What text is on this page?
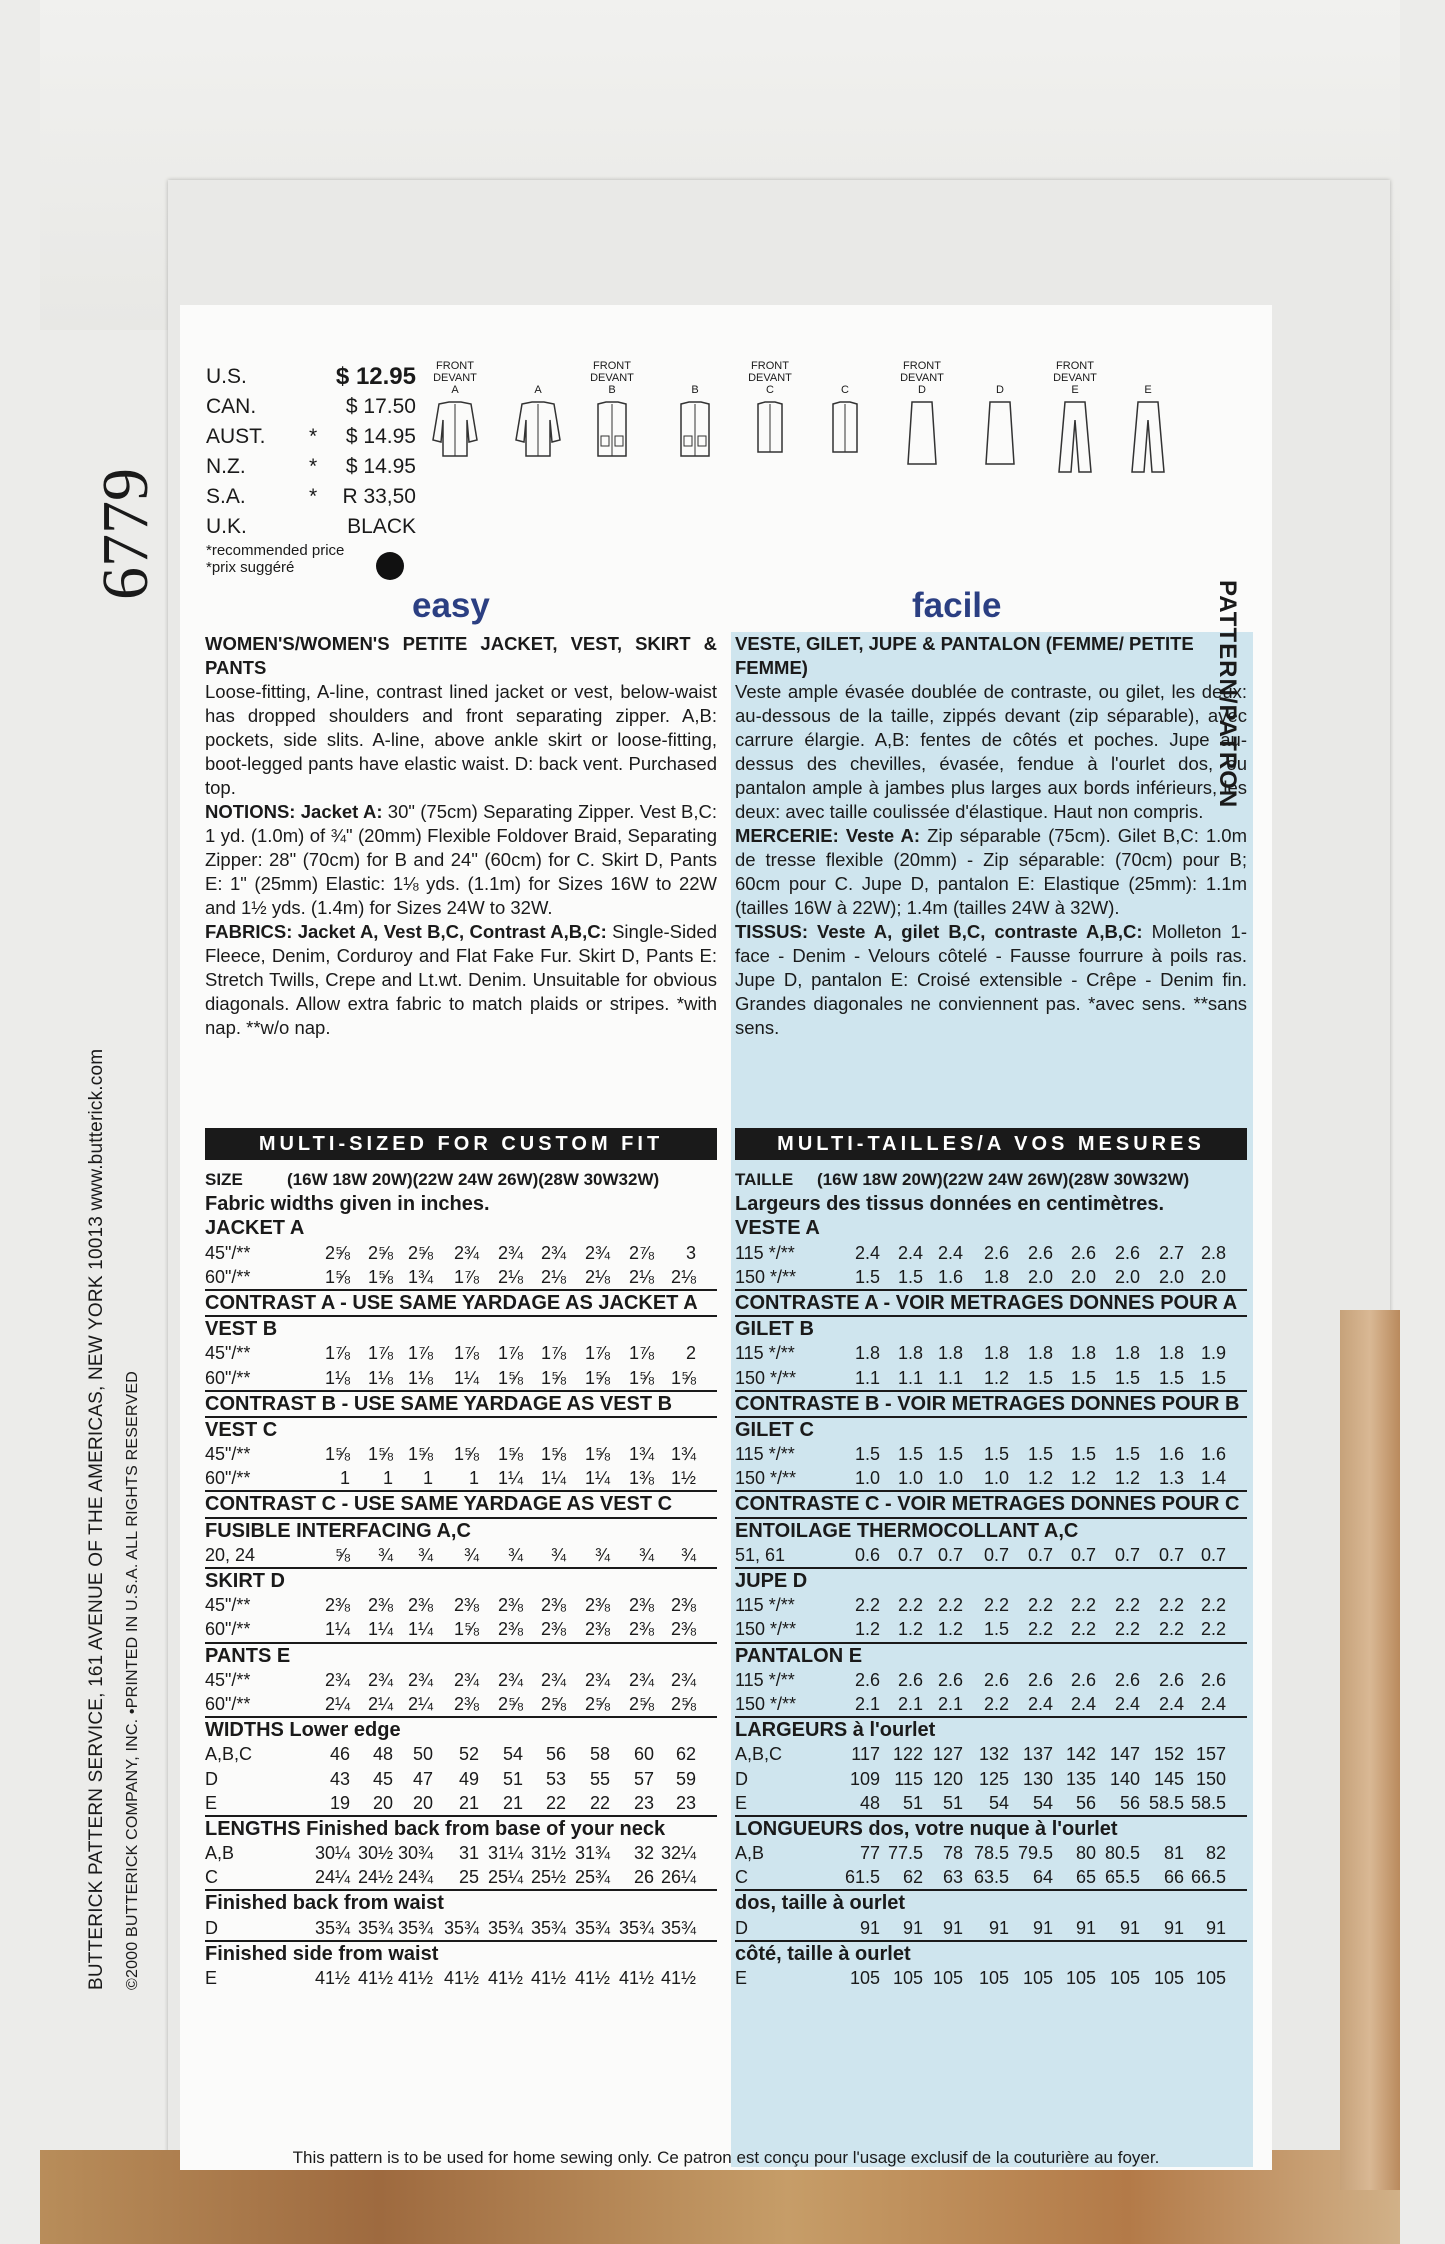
6779
BUTTERICK PATTERN SERVICE, 161 AVENUE OF THE AMERICAS, NEW YORK 10013 www.butterick.com ©2000 BUTTERICK COMPANY, INC. •PRINTED IN U.S.A. ALL RIGHTS RESERVED
PATTERN/PATRON
U.S.	$ 12.95
CAN.	$ 17.50
AUST. * $ 14.95
N.Z.	* $ 14.95
S.A.	* R 33,50
U.K.	BLACK
*recommended price
*prix suggéré
FRONT
DEVANT
A	A
FRONT
DEVANT
B	B
FRONT
DEVANT
C	C
FRONT
DEVANT
D	D
FRONT
DEVANT
E	E
easy	facile
WOMEN'S/WOMEN'S PETITE JACKET, VEST, SKIRT & PANTS
Loose-fitting, A-line, contrast lined jacket or vest, below-waist has dropped shoulders and front separating zipper. A,B: pockets, side slits. A-line, above ankle skirt or loose-fitting, boot-legged pants have elastic waist. D: back vent. Purchased top.
NOTIONS: Jacket A: 30" (75cm) Separating Zipper. Vest B,C: 1 yd. (1.0m) of ¾" (20mm) Flexible Foldover Braid, Separating Zipper: 28" (70cm) for B and 24" (60cm) for C. Skirt D, Pants E: 1" (25mm) Elastic: 1⅛ yds. (1.1m) for Sizes 16W to 22W and 1½ yds. (1.4m) for Sizes 24W to 32W.
FABRICS: Jacket A, Vest B,C, Contrast A,B,C: Single-Sided Fleece, Denim, Corduroy and Flat Fake Fur. Skirt D, Pants E: Stretch Twills, Crepe and Lt.wt. Denim. Unsuitable for obvious diagonals. Allow extra fabric to match plaids or stripes. *with nap. **w/o nap.
VESTE, GILET, JUPE & PANTALON (FEMME/ PETITE FEMME)
Veste ample évasée doublée de contraste, ou gilet, les deux: au-dessous de la taille, zippés devant (zip séparable), avec carrure élargie. A,B: fentes de côtés et poches. Jupe au-dessus des chevilles, évasée, fendue à l'ourlet dos, ou pantalon ample à jambes plus larges aux bords inférieurs, les deux: avec taille coulissée d'élastique. Haut non compris.
MERCERIE: Veste A: Zip séparable (75cm). Gilet B,C: 1.0m de tresse flexible (20mm) - Zip séparable: (70cm) pour B; 60cm pour C. Jupe D, pantalon E: Elastique (25mm): 1.1m (tailles 16W à 22W); 1.4m (tailles 24W à 32W).
TISSUS: Veste A, gilet B,C, contraste A,B,C: Molleton 1-face - Denim - Velours côtelé - Fausse fourrure à poils ras. Jupe D, pantalon E: Croisé extensible - Crêpe - Denim fin. Grandes diagonales ne conviennent pas. *avec sens. **sans sens.
MULTI-SIZED FOR CUSTOM FIT	MULTI-TAILLES/A VOS MESURES
SIZE	(16W 18W 20W)(22W 24W 26W)(28W 30W32W)
Fabric widths given in inches.
JACKET A
45"/**	2⅝ 2⅝ 2⅝	2¾	2¾ 2¾	2¾	2⅞	3
60"/**	1⅝ 1⅝ 1¾	1⅞	2⅛ 2⅛	2⅛	2⅛ 2⅛
CONTRAST A - USE SAME YARDAGE AS JACKET A
VEST B
45"/**	1⅞ 1⅞ 1⅞	1⅞	1⅞ 1⅞	1⅞	1⅞	2
60"/**	1⅛ 1⅛ 1⅛	1¼	1⅝ 1⅝	1⅝	1⅝ 1⅝
CONTRAST B - USE SAME YARDAGE AS VEST B
VEST C
45"/**	1⅝ 1⅝ 1⅝	1⅝	1⅝ 1⅝	1⅝	1¾ 1¾
60"/**	1	1	1	1	1¼ 1¼	1¼	1⅜ 1½
CONTRAST C - USE SAME YARDAGE AS VEST C
FUSIBLE INTERFACING A,C
20, 24	⅝	¾	¾	¾	¾	¾	¾	¾	¾
SKIRT D
45"/**	2⅜ 2⅜ 2⅜	2⅜	2⅜ 2⅜	2⅜	2⅜ 2⅜
60"/**	1¼ 1¼ 1¼	1⅝	2⅜ 2⅜	2⅜	2⅜ 2⅜
PANTS E
45"/**	2¾ 2¾ 2¾	2¾	2¾ 2¾	2¾	2¾ 2¾
60"/**	2¼ 2¼ 2¼	2⅜	2⅝ 2⅝	2⅝	2⅝ 2⅝
WIDTHS Lower edge
A,B,C	46	48	50	52	54	56	58	60	62
D	43	45	47	49	51	53	55	57	59
E	19	20	20	21	21	22	22	23	23
LENGTHS Finished back from base of your neck
A,B	30¼ 30½ 30¾	31 31¼ 31½ 31¾	32 32¼
C	24¼ 24½ 24¾	25 25¼ 25½ 25¾	26 26¼
Finished back from waist
D	35¾ 35¾ 35¾ 35¾ 35¾ 35¾ 35¾ 35¾ 35¾
Finished side from waist
E	41½ 41½ 41½ 41½ 41½ 41½ 41½ 41½ 41½
TAILLE (16W 18W 20W)(22W 24W 26W)(28W 30W32W)
Largeurs des tissus données en centimètres.
VESTE A
115 */**	2.4 2.4 2.4	2.6	2.6 2.6	2.6	2.7 2.8
150 */**	1.5 1.5 1.6	1.8	2.0 2.0	2.0	2.0 2.0
CONTRASTE A - VOIR METRAGES DONNES POUR A
GILET B
115 */**	1.8 1.8 1.8	1.8	1.8 1.8	1.8	1.8 1.9
150 */**	1.1 1.1 1.1	1.2	1.5 1.5	1.5	1.5 1.5
CONTRASTE B - VOIR METRAGES DONNES POUR B
GILET C
115 */**	1.5 1.5 1.5	1.5	1.5 1.5	1.5	1.6 1.6
150 */**	1.0 1.0 1.0	1.0	1.2 1.2	1.2	1.3 1.4
CONTRASTE C - VOIR METRAGES DONNES POUR C
ENTOILAGE THERMOCOLLANT A,C
51, 61	0.6 0.7 0.7	0.7	0.7 0.7	0.7	0.7 0.7
JUPE D
115 */**	2.2 2.2 2.2	2.2	2.2 2.2	2.2	2.2 2.2
150 */**	1.2 1.2 1.2	1.5	2.2 2.2	2.2	2.2 2.2
PANTALON E
115 */**	2.6 2.6 2.6	2.6	2.6 2.6	2.6	2.6 2.6
150 */**	2.1 2.1 2.1	2.2	2.4 2.4	2.4	2.4 2.4
LARGEURS à l'ourlet
A,B,C	117 122 127 132 137 142 147 152 157
D	109 115 120 125 130 135 140 145 150
E	48	51	51	54	54	56	56 58.5 58.5
LONGUEURS dos, votre nuque à l'ourlet
A,B	77 77.5	78 78.5 79.5	80 80.5	81	82
C	61.5	62	63 63.5	64	65 65.5	66 66.5
dos, taille à ourlet
D	91	91	91	91	91	91	91	91	91
côté, taille à ourlet
E	105 105 105 105 105 105 105 105 105
This pattern is to be used for home sewing only. Ce patron est conçu pour l'usage exclusif de la couturière au foyer.
